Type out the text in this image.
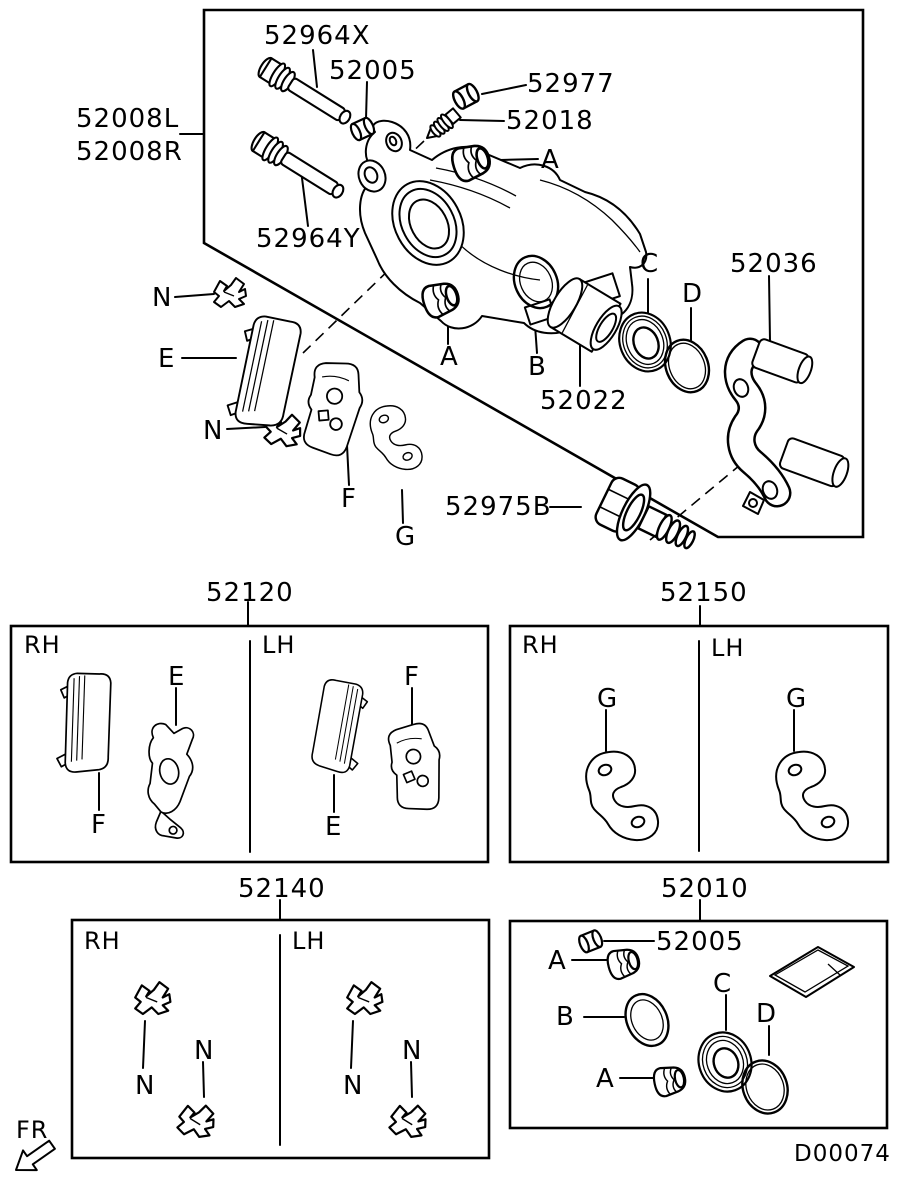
52964X
52005	52977
52018
A
52008L
52008R
52964Y
N
E
N
F
G
A	B
52022
C
D
52036
52975B
52120	52150
52140	52010
RH	LH
E
F
F
E
RH	LH
G	G
RH	LH
N
N
N
N
52005
A
B
A
C
D
FR
D00074
